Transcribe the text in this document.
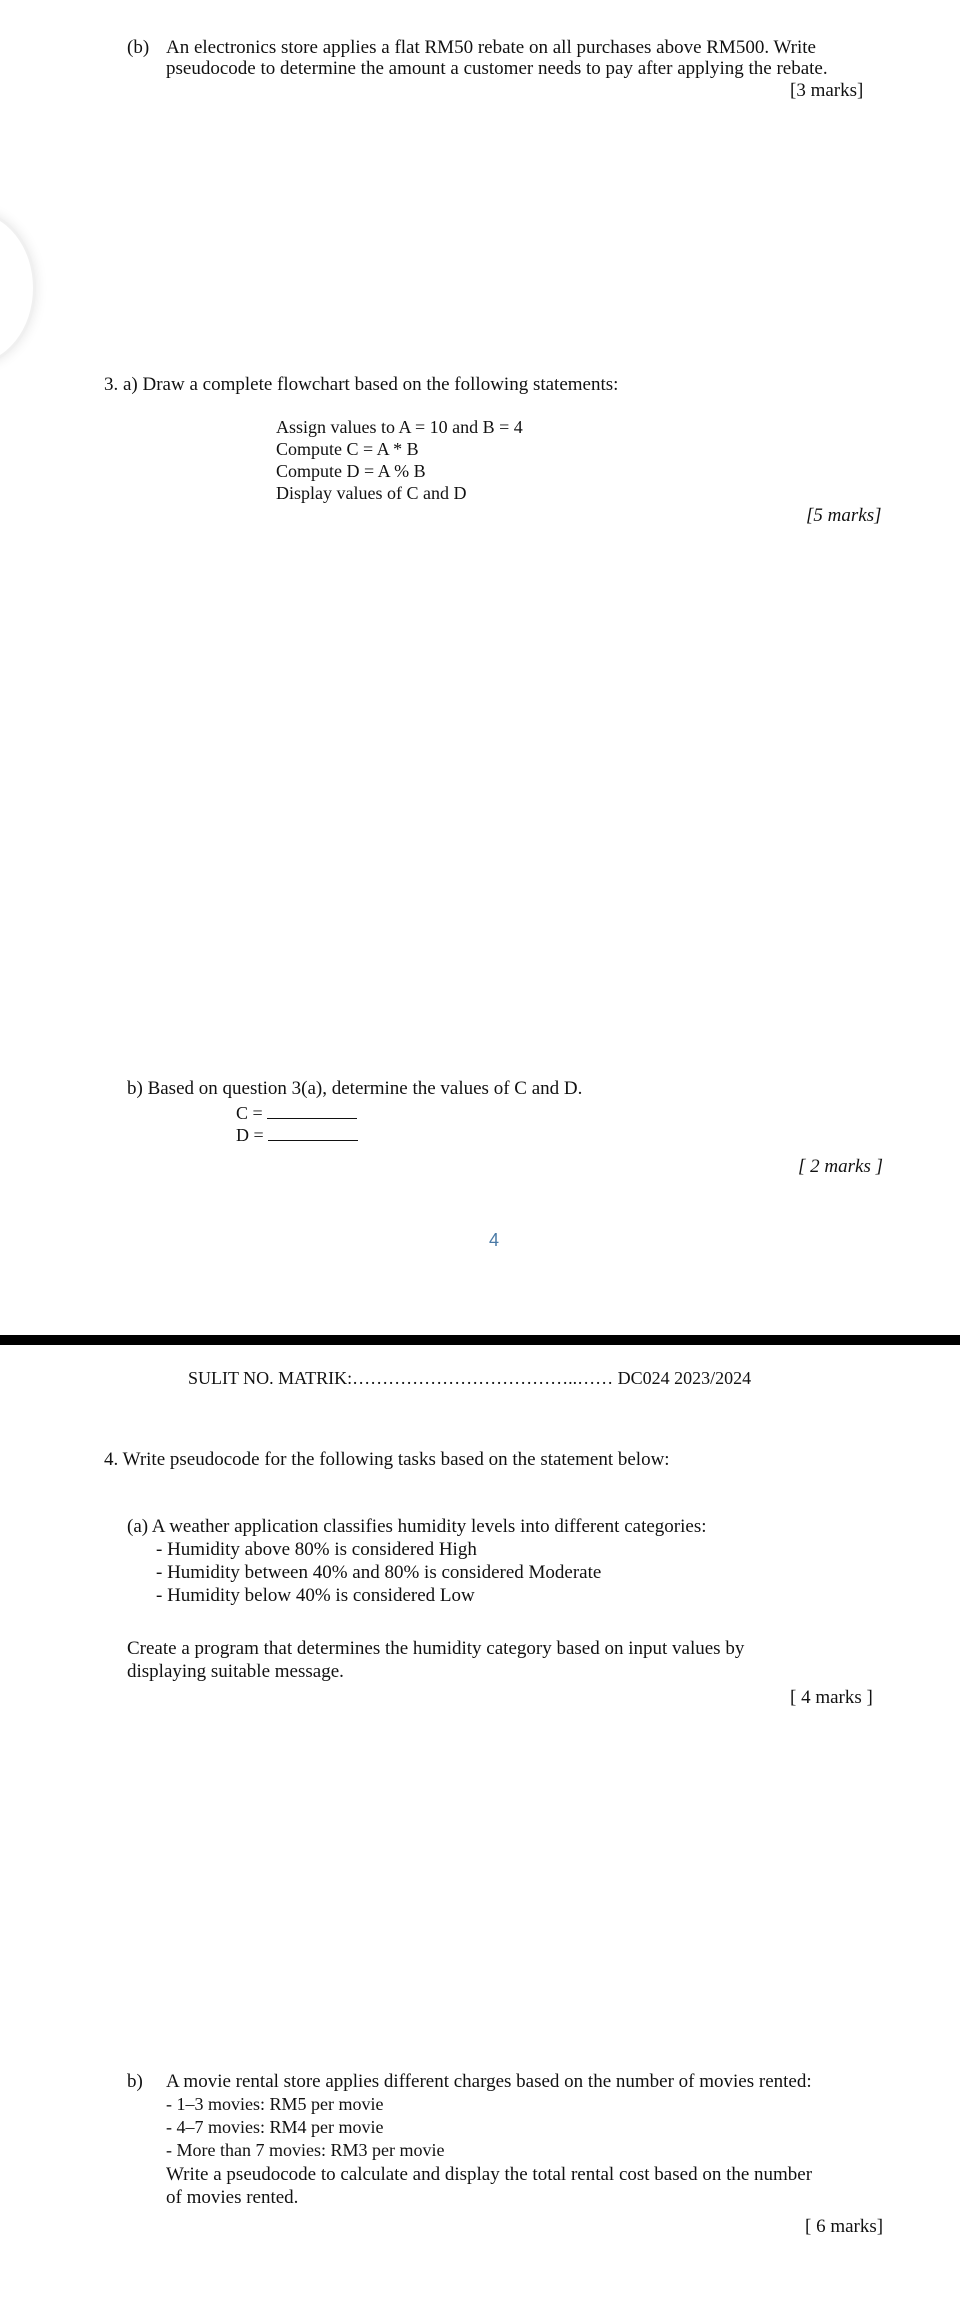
(b) An electronics store applies a flat RM50 rebate on all purchases above RM500. Write
pseudocode to determine the amount a customer needs to pay after applying the rebate.
[3 marks]
3. a) Draw a complete flowchart based on the following statements:
Assign values to A = 10 and B = 4
Compute C = A * B
Compute D = A % B
Display values of C and D
[5 marks]
b) Based on question 3(a), determine the values of C and D.
C =
D =
[ 2 marks ]
4
SULIT NO. MATRIK:………………………………..…… DC024 2023/2024
4. Write pseudocode for the following tasks based on the statement below:
(a) A weather application classifies humidity levels into different categories:
- Humidity above 80% is considered High
- Humidity between 40% and 80% is considered Moderate
- Humidity below 40% is considered Low
Create a program that determines the humidity category based on input values by
displaying suitable message.
[ 4 marks ]
b) A movie rental store applies different charges based on the number of movies rented:
- 1–3 movies: RM5 per movie
- 4–7 movies: RM4 per movie
- More than 7 movies: RM3 per movie
Write a pseudocode to calculate and display the total rental cost based on the number
of movies rented.
[ 6 marks]
